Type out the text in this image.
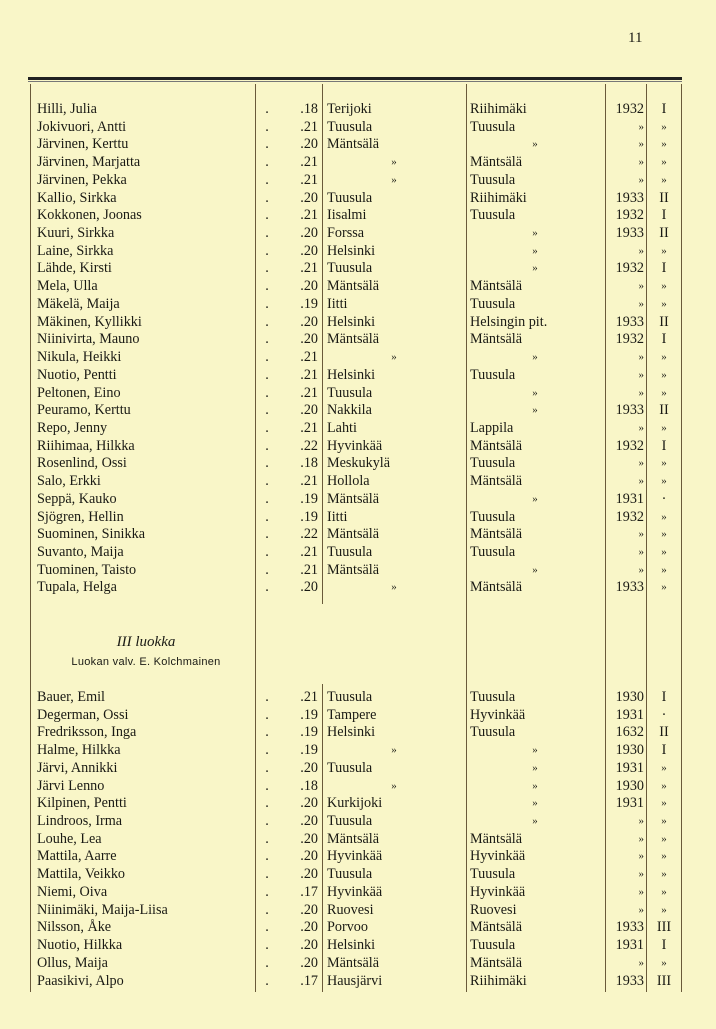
11
Hilli, Julia	.	.18 Terijoki	Riihimäki	1932	I
Jokivuori, Antti	.	.21 Tuusula	Tuusula	»	»
Järvinen, Kerttu	.	.20 Mäntsälä	»	»	»
Järvinen, Marjatta	.	.21	»	Mäntsälä	»	»
Järvinen, Pekka	.	.21	»	Tuusula	»	»
Kallio, Sirkka	.	.20 Tuusula	Riihimäki	1933	II
Kokkonen, Joonas	.	.21 Iisalmi	Tuusula	1932	I
Kuuri, Sirkka	.	.20 Forssa	»	1933	II
Laine, Sirkka	.	.20 Helsinki	»	»	»
Lähde, Kirsti	.	.21 Tuusula	»	1932	I
Mela, Ulla	.	.20 Mäntsälä	Mäntsälä	»	»
Mäkelä, Maija	.	.19 Iitti	Tuusula	»	»
Mäkinen, Kyllikki	.	.20 Helsinki	Helsingin pit.	1933	II
Niinivirta, Mauno	.	.20 Mäntsälä	Mäntsälä	1932	I
Nikula, Heikki	.	.21	»	»	»	»
Nuotio, Pentti	.	.21 Helsinki	Tuusula	»	»
Peltonen, Eino	.	.21 Tuusula	»	»	»
Peuramo, Kerttu	.	.20 Nakkila	»	1933	II
Repo, Jenny	.	.21 Lahti	Lappila	»	»
Riihimaa, Hilkka	.	.22 Hyvinkää	Mäntsälä	1932	I
Rosenlind, Ossi	.	.18 Meskukylä	Tuusula	»	»
Salo, Erkki	.	.21 Hollola	Mäntsälä	»	»
Seppä, Kauko	.	.19 Mäntsälä	»	1931	·
Sjögren, Hellin	.	.19 Iitti	Tuusula	1932	»
Suominen, Sinikka	.	.22 Mäntsälä	Mäntsälä	»	»
Suvanto, Maija	.	.21 Tuusula	Tuusula	»	»
Tuominen, Taisto	.	.21 Mäntsälä	»	»	»
Tupala, Helga	.	.20	»	Mäntsälä	1933	»
III luokka
Luokan valv. E. Kolchmainen
Bauer, Emil	.	.21 Tuusula	Tuusula	1930	I
Degerman, Ossi	.	.19 Tampere	Hyvinkää	1931	·
Fredriksson, Inga	.	.19 Helsinki	Tuusula	1632	II
Halme, Hilkka	.	.19	»	»	1930	I
Järvi, Annikki	.	.20 Tuusula	»	1931	»
Järvi Lenno	.	.18	»	»	1930	»
Kilpinen, Pentti	.	.20 Kurkijoki	»	1931	»
Lindroos, Irma	.	.20 Tuusula	»	»	»
Louhe, Lea	.	.20 Mäntsälä	Mäntsälä	»	»
Mattila, Aarre	.	.20 Hyvinkää	Hyvinkää	»	»
Mattila, Veikko	.	.20 Tuusula	Tuusula	»	»
Niemi, Oiva	.	.17 Hyvinkää	Hyvinkää	»	»
Niinimäki, Maija-Liisa	.	.20 Ruovesi	Ruovesi	»	»
Nilsson, Åke	.	.20 Porvoo	Mäntsälä	1933 III
Nuotio, Hilkka	.	.20 Helsinki	Tuusula	1931	I
Ollus, Maija	.	.20 Mäntsälä	Mäntsälä	»	»
Paasikivi, Alpo	.	.17 Hausjärvi	Riihimäki	1933 III
